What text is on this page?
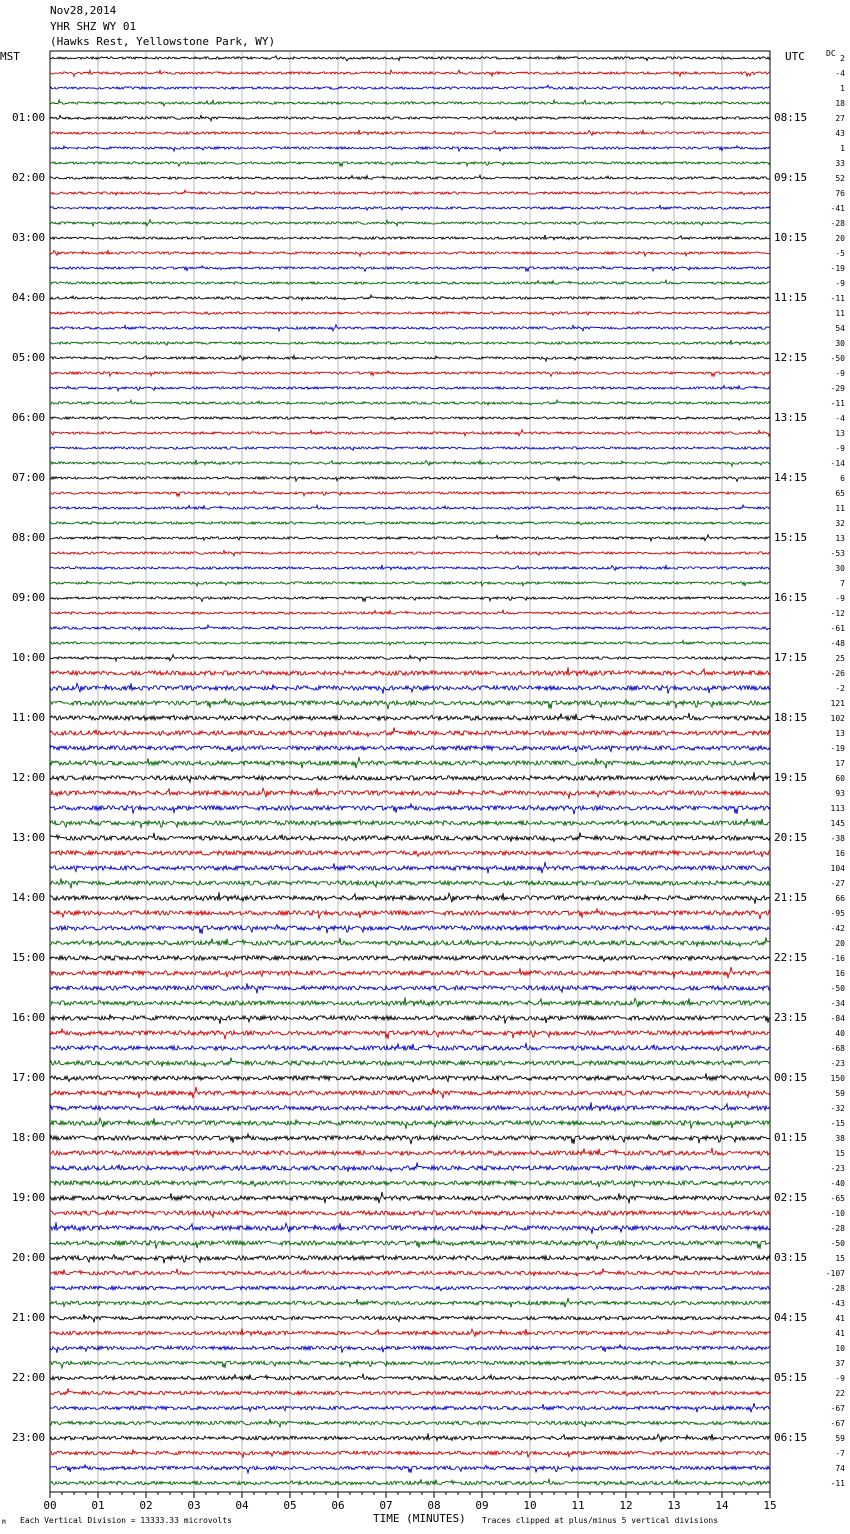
Nov28,2014
YHR SHZ WY 01
(Hawks Rest, Yellowstone Park, WY)
MST	UTC	DC
00	01	02	03	04	05	06	07	08	09	10	11	12	13	14	15
01:00	08:15
02:00	09:15
03:00	10:15
04:00	11:15
05:00	12:15
06:00	13:15
07:00	14:15
08:00	15:15
09:00	16:15
10:00	17:15
11:00	18:15
12:00	19:15
13:00	20:15
14:00	21:15
15:00	22:15
16:00	23:15
17:00	00:15
18:00	01:15
19:00	02:15
20:00	03:15
21:00	04:15
22:00	05:15
23:00	06:15
2
-4
1
18
27
43
1
33
52
76
-41
-28
20
-5
-19
-9
-11
11
54
30
-50
-9
-29
-11
-4
13
-9
-14
6
65
11
32
13
-53
30
7
-9
-12
-61
-48
25
-26
-2
121
102
13
-19
17
60
93
113
145
-38
16
104
-27
66
-95
-42
20
-16
16
-50
-34
-84
40
-68
-23
150
59
-32
-15
38
15
-23
-40
-65
-10
-28
-50
15
-107
-28
-43
41
41
10
37
-9
22
-67
-67
59
-7
74
-11
TIME (MINUTES)
Each Vertical Division = 13333.33 microvolts	Traces clipped at plus/minus 5 vertical divisions
M
